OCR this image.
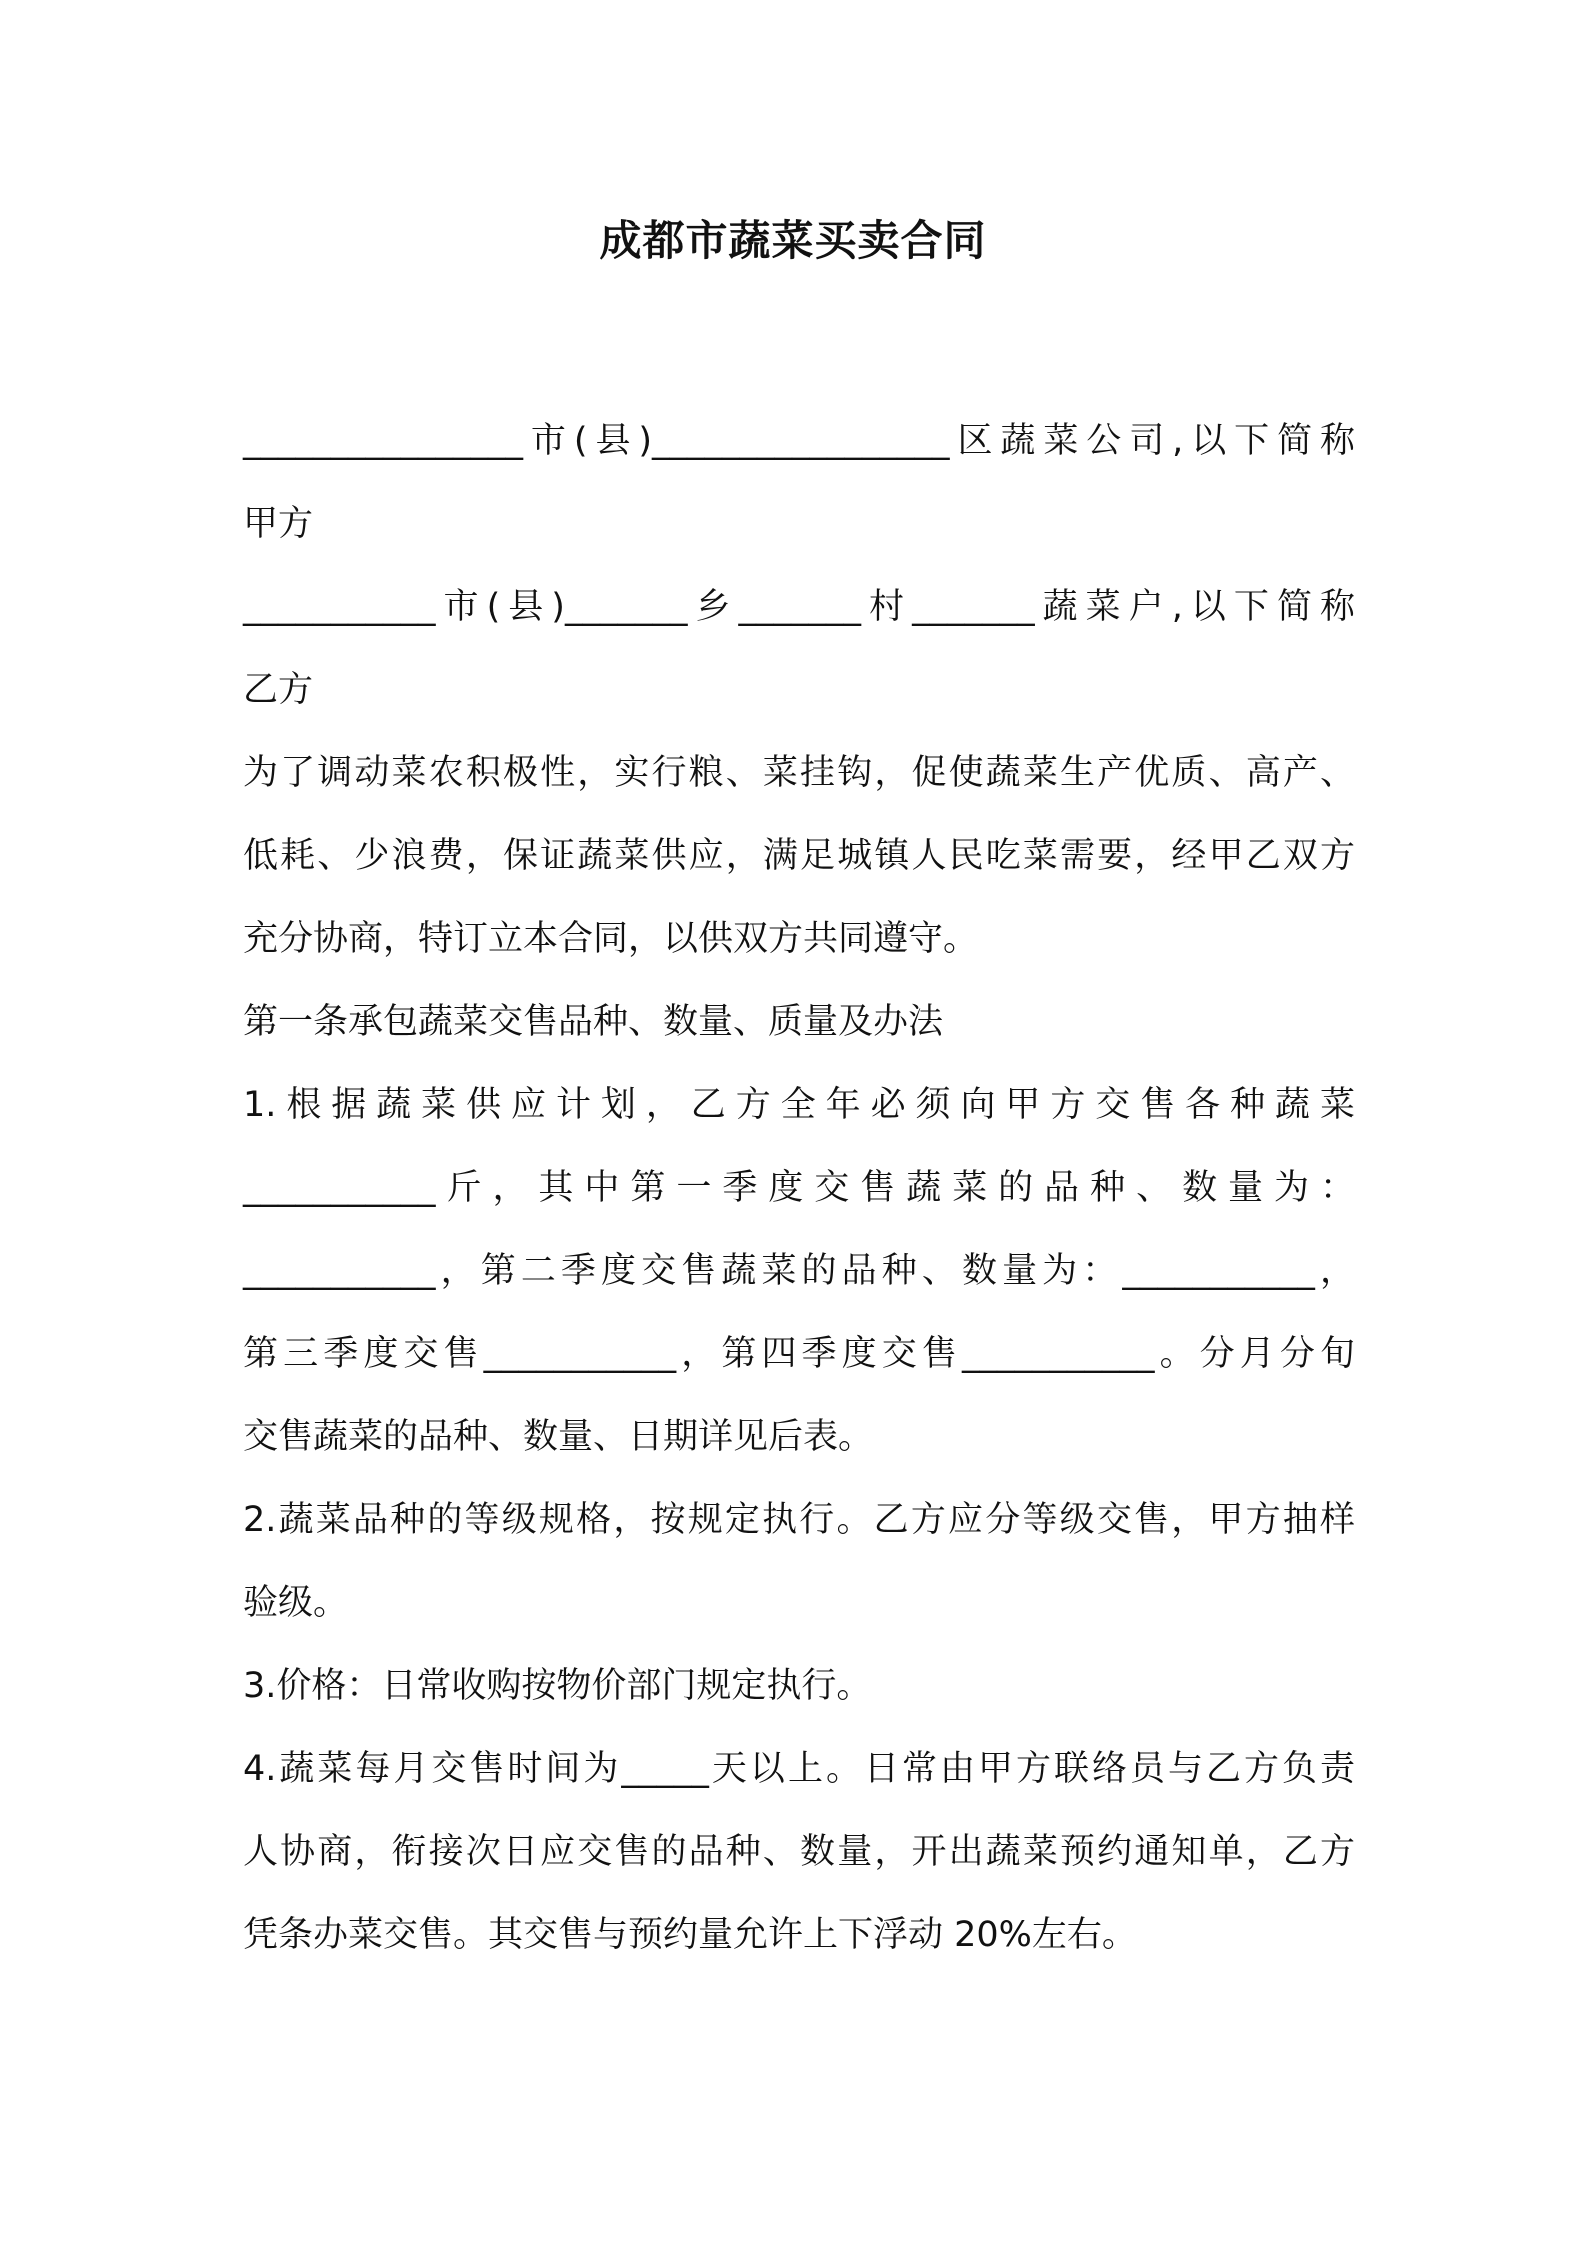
成都市蔬菜买卖合同
________________市(县)_________________区蔬菜公司,以下简称
甲方
___________市(县)_______乡_______村_______蔬菜户,以下简称
乙方
为了调动菜农积极性，实行粮、菜挂钩，促使蔬菜生产优质、高产、
低耗、少浪费，保证蔬菜供应，满足城镇人民吃菜需要，经甲乙双方
充分协商，特订立本合同，以供双方共同遵守。
第一条承包蔬菜交售品种、数量、质量及办法
1.根据蔬菜供应计划，乙方全年必须向甲方交售各种蔬菜
___________斤，其中第一季度交售蔬菜的品种、数量为：
___________，第二季度交售蔬菜的品种、数量为：___________，
第三季度交售___________，第四季度交售___________。分月分旬
交售蔬菜的品种、数量、日期详见后表。
2.蔬菜品种的等级规格，按规定执行。乙方应分等级交售，甲方抽样
验级。
3.价格：日常收购按物价部门规定执行。
4.蔬菜每月交售时间为_____天以上。日常由甲方联络员与乙方负责
人协商，衔接次日应交售的品种、数量，开出蔬菜预约通知单，乙方
凭条办菜交售。其交售与预约量允许上下浮动 20%左右。
